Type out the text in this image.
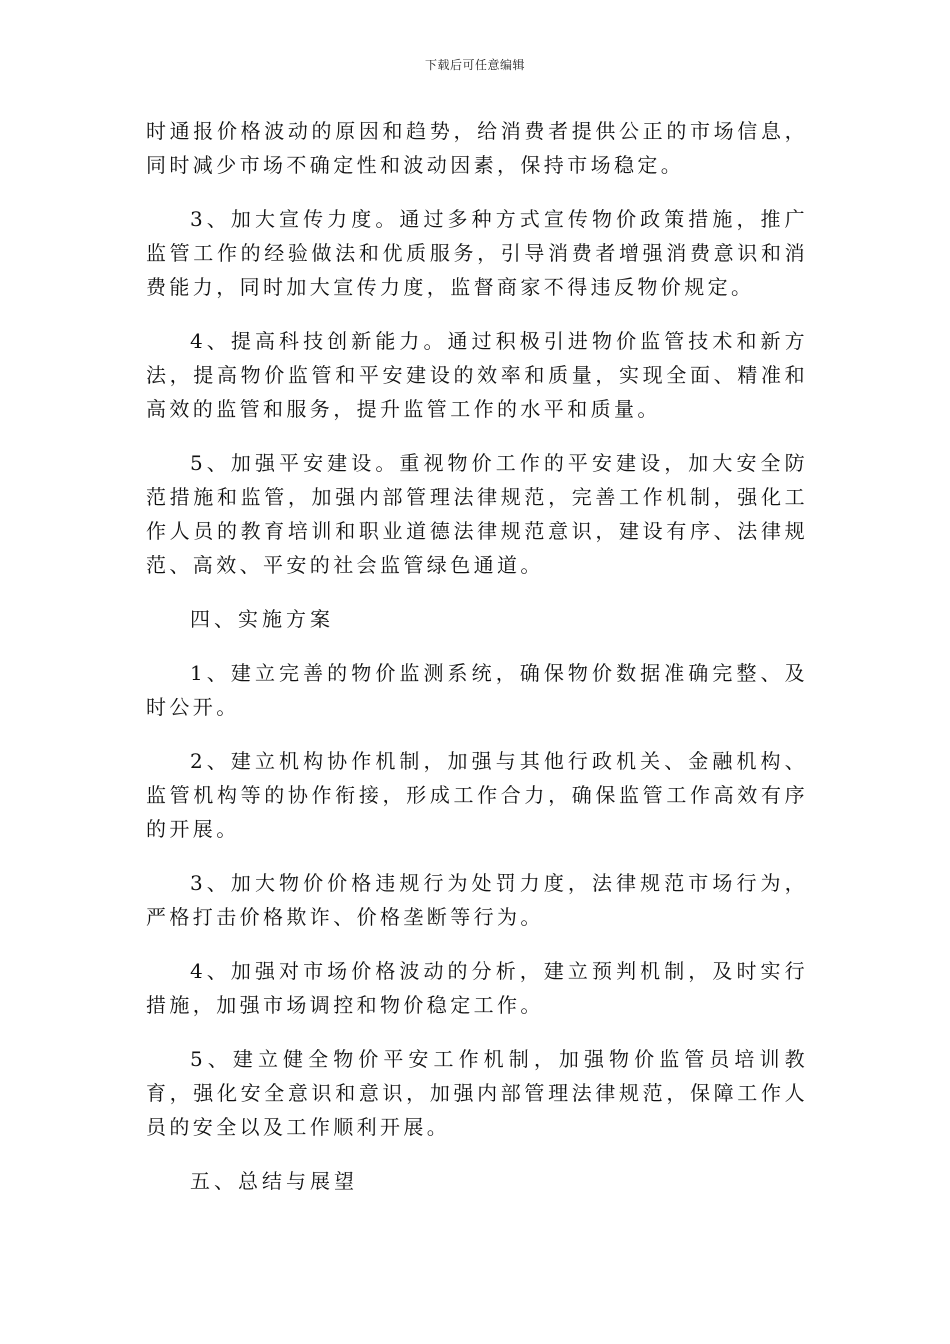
下载后可任意编辑

时通报价格波动的原因和趋势，给消费者提供公正的市场信息，同时减少市场不确定性和波动因素，保持市场稳定。

3、加大宣传力度。通过多种方式宣传物价政策措施，推广监管工作的经验做法和优质服务，引导消费者增强消费意识和消费能力，同时加大宣传力度，监督商家不得违反物价规定。

4、提高科技创新能力。通过积极引进物价监管技术和新方法，提高物价监管和平安建设的效率和质量，实现全面、精准和高效的监管和服务，提升监管工作的水平和质量。

5、加强平安建设。重视物价工作的平安建设，加大安全防范措施和监管，加强内部管理法律规范，完善工作机制，强化工作人员的教育培训和职业道德法律规范意识，建设有序、法律规范、高效、平安的社会监管绿色通道。

四、实施方案

1、建立完善的物价监测系统，确保物价数据准确完整、及时公开。

2、建立机构协作机制，加强与其他行政机关、金融机构、监管机构等的协作衔接，形成工作合力，确保监管工作高效有序的开展。

3、加大物价价格违规行为处罚力度，法律规范市场行为，严格打击价格欺诈、价格垄断等行为。

4、加强对市场价格波动的分析，建立预判机制，及时实行措施，加强市场调控和物价稳定工作。

5、建立健全物价平安工作机制，加强物价监管员培训教育，强化安全意识和意识，加强内部管理法律规范，保障工作人员的安全以及工作顺利开展。

五、总结与展望
